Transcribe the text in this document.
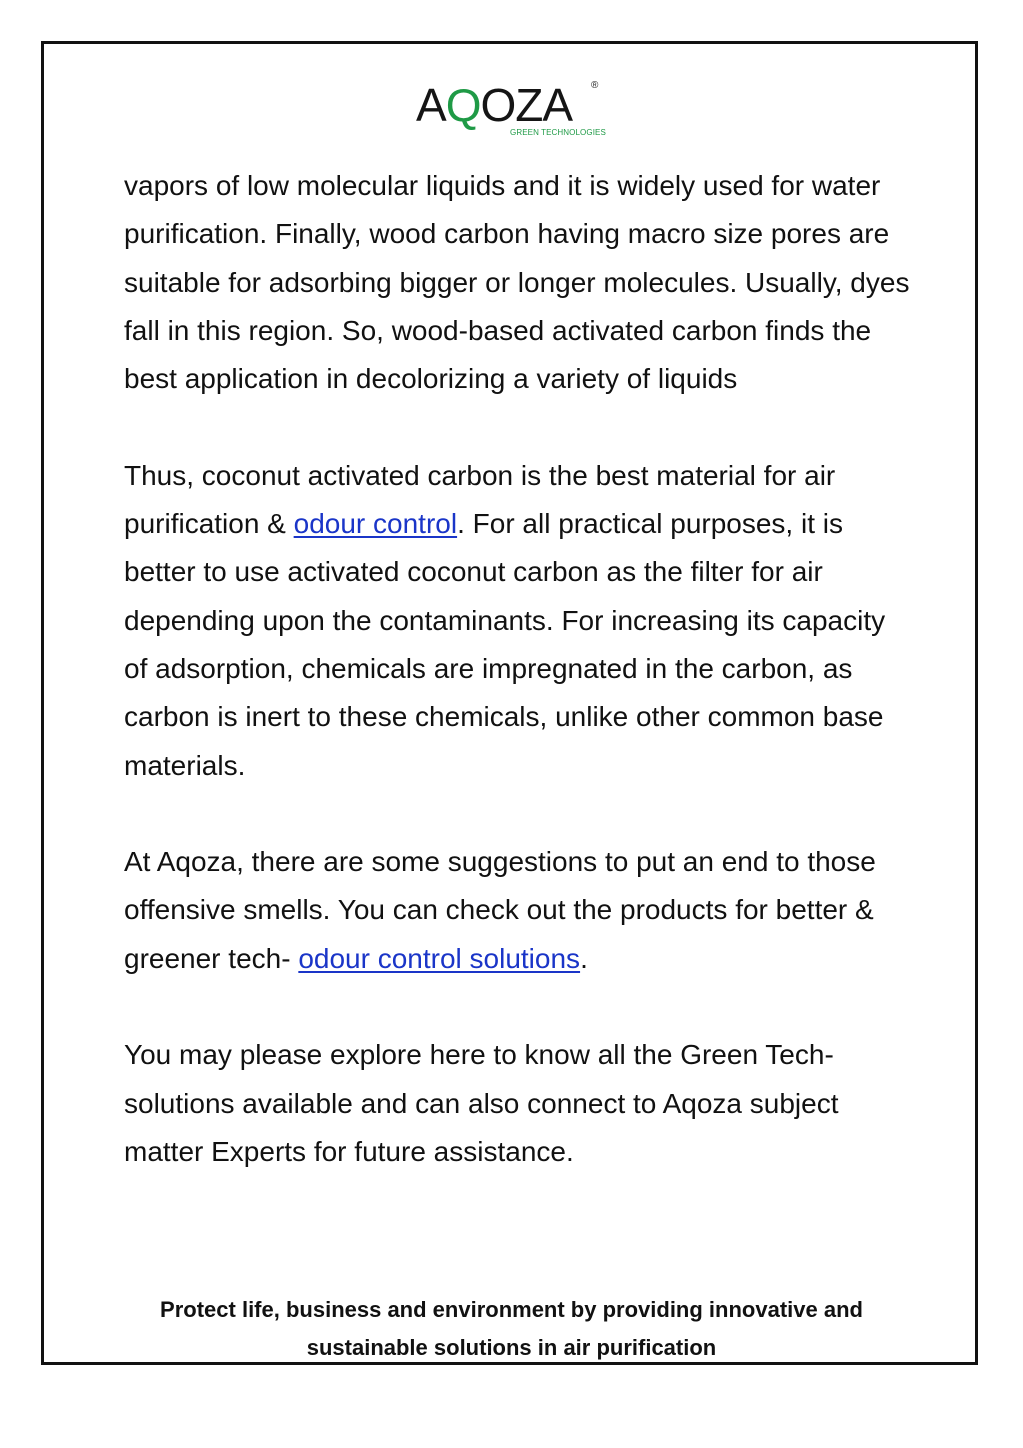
AQOZA ®
GREEN TECHNOLOGIES

vapors of low molecular liquids and it is widely used for water purification. Finally, wood carbon having macro size pores are suitable for adsorbing bigger or longer molecules. Usually, dyes fall in this region. So, wood-based activated carbon finds the best application in decolorizing a variety of liquids

Thus, coconut activated carbon is the best material for air purification & odour control. For all practical purposes, it is better to use activated coconut carbon as the filter for air depending upon the contaminants. For increasing its capacity of adsorption, chemicals are impregnated in the carbon, as carbon is inert to these chemicals, unlike other common base materials.

At Aqoza, there are some suggestions to put an end to those offensive smells. You can check out the products for better & greener tech- odour control solutions.

You may please explore here to know all the Green Tech-solutions available and can also connect to Aqoza subject matter Experts for future assistance.

Protect life, business and environment by providing innovative and
sustainable solutions in air purification
